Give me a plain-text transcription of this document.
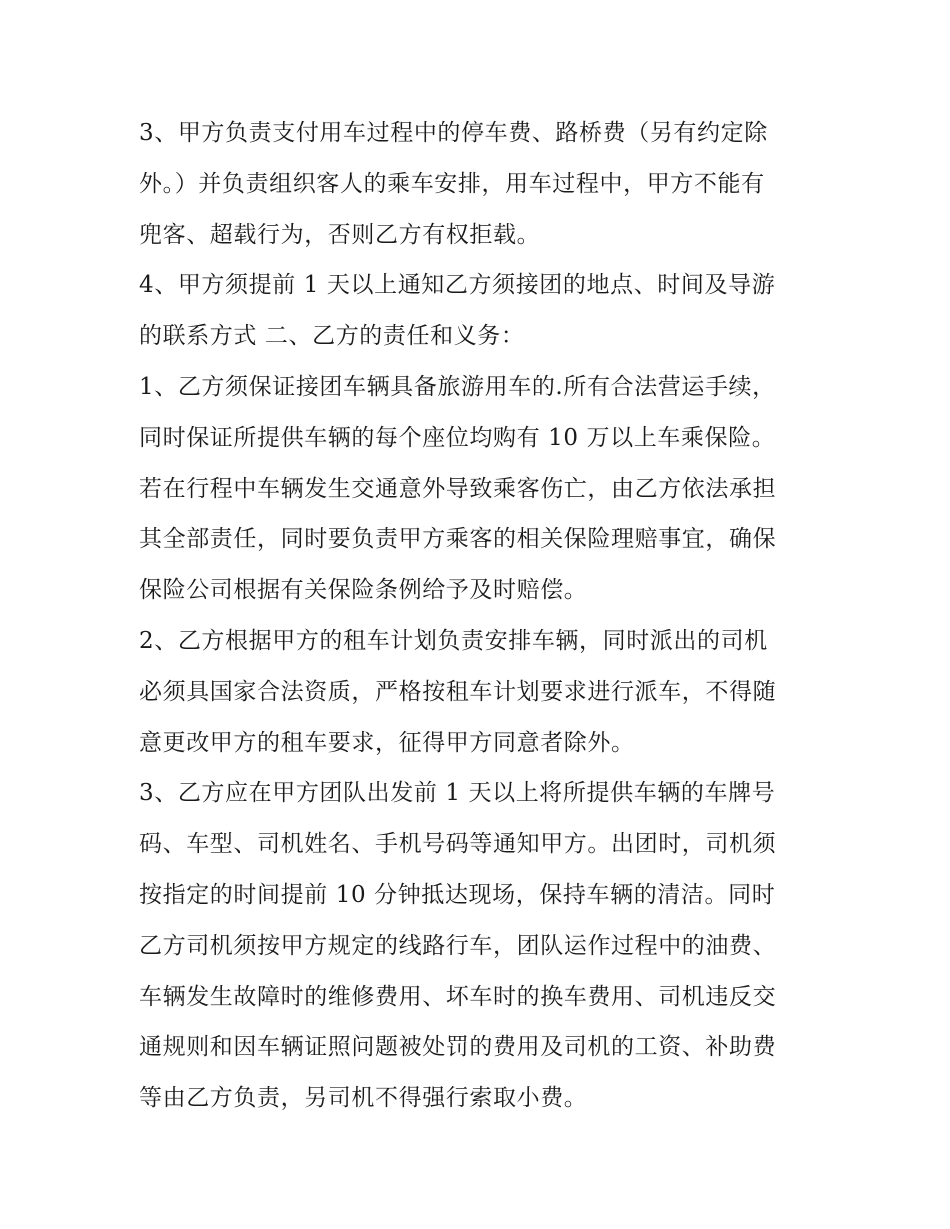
3、甲方负责支付用车过程中的停车费、路桥费（另有约定除
外。）并负责组织客人的乘车安排，用车过程中，甲方不能有
兜客、超载行为，否则乙方有权拒载。
4、甲方须提前 1 天以上通知乙方须接团的地点、时间及导游
的联系方式 二、乙方的责任和义务：
1、乙方须保证接团车辆具备旅游用车的.所有合法营运手续，
同时保证所提供车辆的每个座位均购有 10 万以上车乘保险。
若在行程中车辆发生交通意外导致乘客伤亡，由乙方依法承担
其全部责任，同时要负责甲方乘客的相关保险理赔事宜，确保
保险公司根据有关保险条例给予及时赔偿。
2、乙方根据甲方的租车计划负责安排车辆，同时派出的司机
必须具国家合法资质，严格按租车计划要求进行派车，不得随
意更改甲方的租车要求，征得甲方同意者除外。
3、乙方应在甲方团队出发前 1 天以上将所提供车辆的车牌号
码、车型、司机姓名、手机号码等通知甲方。出团时，司机须
按指定的时间提前 10 分钟抵达现场，保持车辆的清洁。同时
乙方司机须按甲方规定的线路行车，团队运作过程中的油费、
车辆发生故障时的维修费用、坏车时的换车费用、司机违反交
通规则和因车辆证照问题被处罚的费用及司机的工资、补助费
等由乙方负责，另司机不得强行索取小费。
